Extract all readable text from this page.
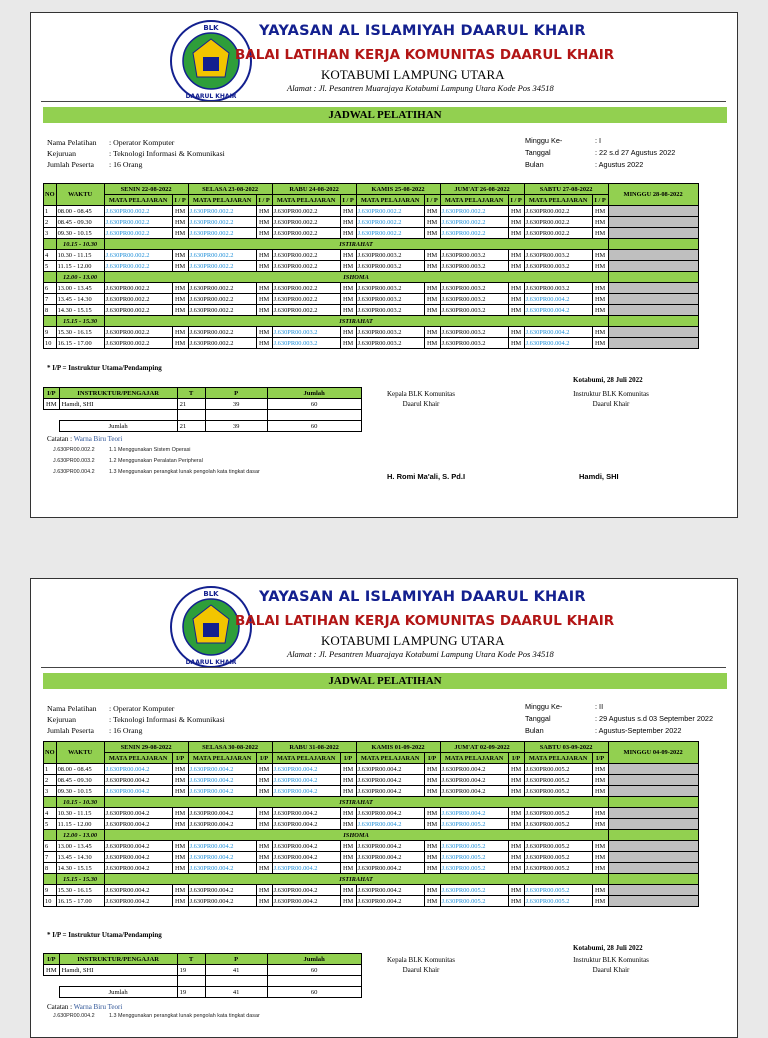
BLK
DAARUL KHAIR
YAYASAN AL ISLAMIYAH DAARUL KHAIR
BALAI LATIHAN KERJA KOMUNITAS DAARUL KHAIR
KOTABUMI LAMPUNG UTARA
Alamat : Jl. Pesantren Muarajaya Kotabumi Lampung Utara Kode Pos 34518
JADWAL PELATIHAN
Nama Pelatihan : Operator Komputer
Kejuruan	: Teknologi Informasi & Komunikasi
Jumlah Peserta : 16 Orang
Minggu Ke-	: I
Tanggal	: 22 s.d 27 Agustus 2022
Bulan	: Agustus 2022
NO	WAKTU	SENIN 22-08-2022		SELASA 23-08-2022		RABU 24-08-2022		KAMIS 25-08-2022		JUM'AT 26-08-2022		SABTU 27-08-2022		MINGGU 28-08-2022
		MATA PELAJARAN	I / P	MATA PELAJARAN	I / P	MATA PELAJARAN	I / P	MATA PELAJARAN	I / P	MATA PELAJARAN	I / P	MATA PELAJARAN	I / P	
1	08.00 - 08.45	J.630PR00.002.2	HM	J.630PR00.002.2	HM	J.630PR00.002.2	HM	J.630PR00.002.2	HM	J.630PR00.002.2	HM	J.630PR00.002.2	HM	
2	08.45 - 09.30	J.630PR00.002.2	HM	J.630PR00.002.2	HM	J.630PR00.002.2	HM	J.630PR00.002.2	HM	J.630PR00.002.2	HM	J.630PR00.002.2	HM	
3	09.30 - 10.15	J.630PR00.002.2	HM	J.630PR00.002.2	HM	J.630PR00.002.2	HM	J.630PR00.002.2	HM	J.630PR00.002.2	HM	J.630PR00.002.2	HM	
	10.15 - 10.30	ISTIRAHAT												
4	10.30 - 11.15	J.630PR00.002.2	HM	J.630PR00.002.2	HM	J.630PR00.002.2	HM	J.630PR00.003.2	HM	J.630PR00.003.2	HM	J.630PR00.003.2	HM	
5	11.15 - 12.00	J.630PR00.002.2	HM	J.630PR00.002.2	HM	J.630PR00.002.2	HM	J.630PR00.003.2	HM	J.630PR00.003.2	HM	J.630PR00.003.2	HM	
	12.00 - 13.00	ISHOMA												
6	13.00 - 13.45	J.630PR00.002.2	HM	J.630PR00.002.2	HM	J.630PR00.002.2	HM	J.630PR00.003.2	HM	J.630PR00.003.2	HM	J.630PR00.003.2	HM	
7	13.45 - 14.30	J.630PR00.002.2	HM	J.630PR00.002.2	HM	J.630PR00.002.2	HM	J.630PR00.003.2	HM	J.630PR00.003.2	HM	J.630PR00.004.2	HM	
8	14.30 - 15.15	J.630PR00.002.2	HM	J.630PR00.002.2	HM	J.630PR00.002.2	HM	J.630PR00.003.2	HM	J.630PR00.003.2	HM	J.630PR00.004.2	HM	
	15.15 - 15.30	ISTIRAHAT												
9	15.30 - 16.15	J.630PR00.002.2	HM	J.630PR00.002.2	HM	J.630PR00.003.2	HM	J.630PR00.003.2	HM	J.630PR00.003.2	HM	J.630PR00.004.2	HM	
10	16.15 - 17.00	J.630PR00.002.2	HM	J.630PR00.002.2	HM	J.630PR00.003.2	HM	J.630PR00.003.2	HM	J.630PR00.003.2	HM	J.630PR00.004.2	HM	
* I/P = Instruktur Utama/Pendamping
I/P	INSTRUKTUR/PENGAJAR	T	P	Jumlah
HM	Hamdi, SHI	21	39	60

	Jumlah	21	39	60
Kotabumi, 28 Juli 2022
Kepala BLK Komunitas
Daarul Khair
Instruktur BLK Komunitas
Daarul Khair
H. Romi Ma'ali, S. Pd.I	Hamdi, SHI
Catatan : Warna Biru Teori
J.630PR00.002.2	1.1 Menggunakan Sistem Operasi
J.630PR00.003.2	1.2 Menggunakan Peralatan Peripheral
J.630PR00.004.2	1.3 Menggunakan perangkat lunak pengolah kata tingkat dasar
BLK
DAARUL KHAIR
YAYASAN AL ISLAMIYAH DAARUL KHAIR
BALAI LATIHAN KERJA KOMUNITAS DAARUL KHAIR
KOTABUMI LAMPUNG UTARA
Alamat : Jl. Pesantren Muarajaya Kotabumi Lampung Utara Kode Pos 34518
JADWAL PELATIHAN
Nama Pelatihan : Operator Komputer
Kejuruan	: Teknologi Informasi & Komunikasi
Jumlah Peserta : 16 Orang
Minggu Ke-	: II
Tanggal	: 29 Agustus s.d 03 September 2022
Bulan	: Agustus-September 2022
NO	WAKTU	SENIN 29-08-2022		SELASA 30-08-2022		RABU 31-08-2022		KAMIS 01-09-2022		JUM'AT 02-09-2022		SABTU 03-09-2022		MINGGU 04-09-2022
		MATA PELAJARAN	I/P	MATA PELAJARAN	I/P	MATA PELAJARAN	I/P	MATA PELAJARAN	I/P	MATA PELAJARAN	I/P	MATA PELAJARAN	I/P	
1	08.00 - 08.45	J.630PR00.004.2	HM	J.630PR00.004.2	HM	J.630PR00.004.2	HM	J.630PR00.004.2	HM	J.630PR00.004.2	HM	J.630PR00.005.2	HM	
2	08.45 - 09.30	J.630PR00.004.2	HM	J.630PR00.004.2	HM	J.630PR00.004.2	HM	J.630PR00.004.2	HM	J.630PR00.004.2	HM	J.630PR00.005.2	HM	
3	09.30 - 10.15	J.630PR00.004.2	HM	J.630PR00.004.2	HM	J.630PR00.004.2	HM	J.630PR00.004.2	HM	J.630PR00.004.2	HM	J.630PR00.005.2	HM	
	10.15 - 10.30	ISTIRAHAT												
4	10.30 - 11.15	J.630PR00.004.2	HM	J.630PR00.004.2	HM	J.630PR00.004.2	HM	J.630PR00.004.2	HM	J.630PR00.004.2	HM	J.630PR00.005.2	HM	
5	11.15 - 12.00	J.630PR00.004.2	HM	J.630PR00.004.2	HM	J.630PR00.004.2	HM	J.630PR00.004.2	HM	J.630PR00.005.2	HM	J.630PR00.005.2	HM	
	12.00 - 13.00	ISHOMA												
6	13.00 - 13.45	J.630PR00.004.2	HM	J.630PR00.004.2	HM	J.630PR00.004.2	HM	J.630PR00.004.2	HM	J.630PR00.005.2	HM	J.630PR00.005.2	HM	
7	13.45 - 14.30	J.630PR00.004.2	HM	J.630PR00.004.2	HM	J.630PR00.004.2	HM	J.630PR00.004.2	HM	J.630PR00.005.2	HM	J.630PR00.005.2	HM	
8	14.30 - 15.15	J.630PR00.004.2	HM	J.630PR00.004.2	HM	J.630PR00.004.2	HM	J.630PR00.004.2	HM	J.630PR00.005.2	HM	J.630PR00.005.2	HM	
	15.15 - 15.30	ISTIRAHAT												
9	15.30 - 16.15	J.630PR00.004.2	HM	J.630PR00.004.2	HM	J.630PR00.004.2	HM	J.630PR00.004.2	HM	J.630PR00.005.2	HM	J.630PR00.005.2	HM	
10	16.15 - 17.00	J.630PR00.004.2	HM	J.630PR00.004.2	HM	J.630PR00.004.2	HM	J.630PR00.004.2	HM	J.630PR00.005.2	HM	J.630PR00.005.2	HM	
* I/P = Instruktur Utama/Pendamping
I/P	INSTRUKTUR/PENGAJAR	T	P	Jumlah
HM	Hamdi, SHI	19	41	60

	Jumlah	19	41	60
Kotabumi, 28 Juli 2022
Kepala BLK Komunitas
Daarul Khair
Instruktur BLK Komunitas
Daarul Khair
Catatan : Warna Biru Teori
J.630PR00.004.2	1.3 Menggunakan perangkat lunak pengolah kata tingkat dasar
